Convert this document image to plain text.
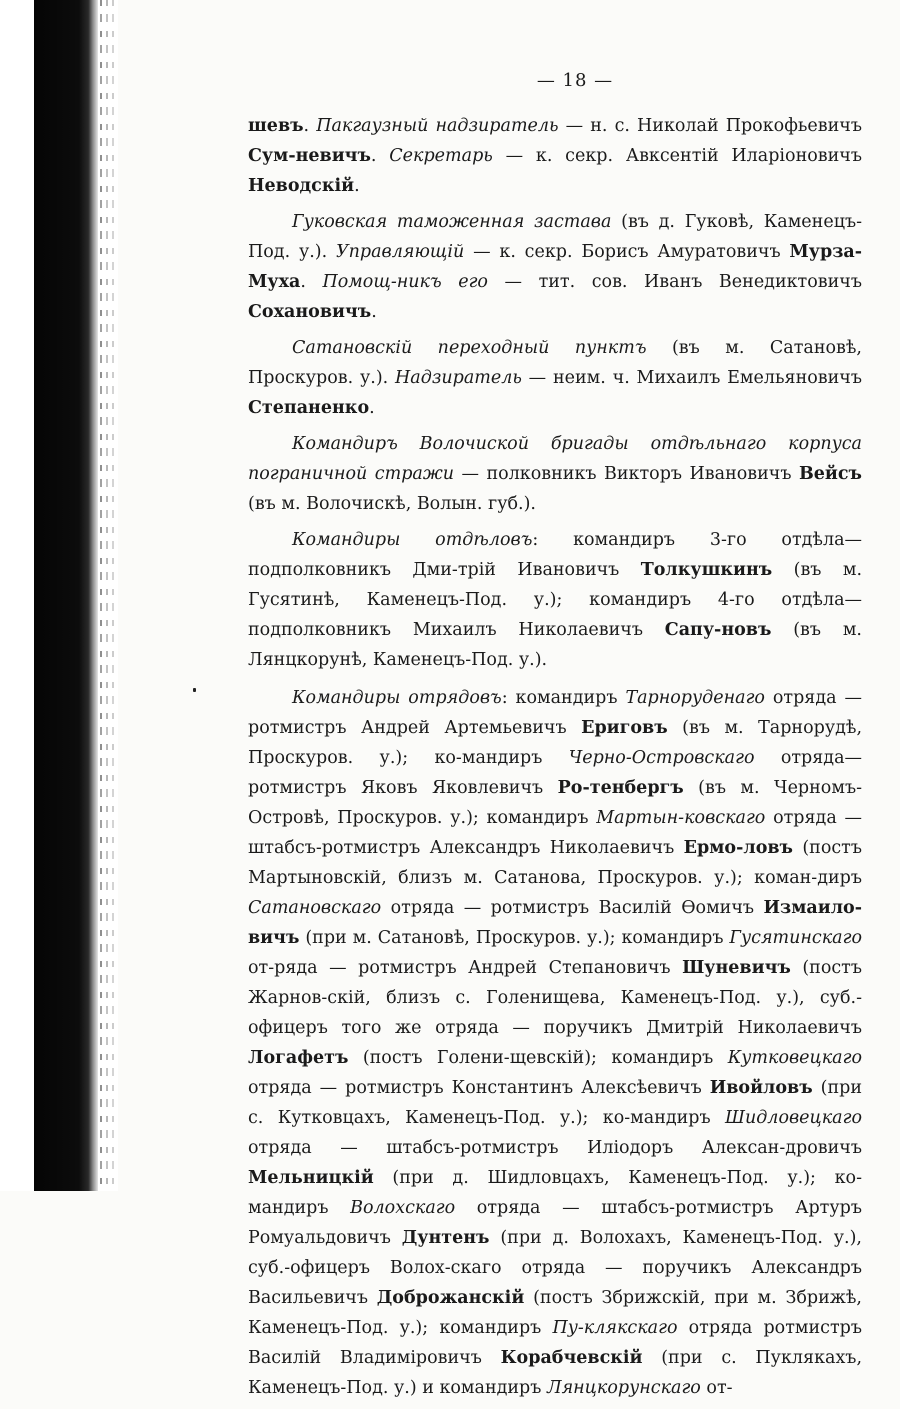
— 18 —

шевъ. Пакгаузный надзиратель — н. с. Николай Прокофьевичъ Сум-невичъ. Секретарь — к. секр. Авксентій Иларіоновичъ Неводскій.

Гуковская таможенная застава (въ д. Гуковѣ, Каменецъ-Под. у.). Управляющій — к. секр. Борисъ Амуратовичъ Мурза-Муха. Помощ-никъ его — тит. сов. Иванъ Венедиктовичъ Сохановичъ.

Сатановскій переходный пунктъ (въ м. Сатановѣ, Проскуров. у.). Надзиратель — неим. ч. Михаилъ Емельяновичъ Степаненко.

Командиръ Волочиской бригады отдѣльнаго корпуса пограничной стражи — полковникъ Викторъ Ивановичъ Вейсъ (въ м. Волочискѣ, Волын. губ.).

Командиры отдѣловъ: командиръ 3-го отдѣла—подполковникъ Дми-трій Ивановичъ Толкушкинъ (въ м. Гусятинѣ, Каменецъ-Под. у.); командиръ 4-го отдѣла—подполковникъ Михаилъ Николаевичъ Сапу-новъ (въ м. Лянцкорунѣ, Каменецъ-Под. у.).

Командиры отрядовъ: командиръ Тарноруденаго отряда — ротмистръ Андрей Артемьевичъ Ериговъ (въ м. Тарнорудѣ, Проскуров. у.); ко-мандиръ Черно-Островскаго отряда—ротмистръ Яковъ Яковлевичъ Ро-тенбергъ (въ м. Черномъ-Островѣ, Проскуров. у.); командиръ Мартын-ковскаго отряда — штабсъ-ротмистръ Александръ Николаевичъ Ермо-ловъ (постъ Мартыновскій, близъ м. Сатанова, Проскуров. у.); коман-диръ Сатановскаго отряда — ротмистръ Василій Ѳомичъ Измаило-вичъ (при м. Сатановѣ, Проскуров. у.); командиръ Гусятинскаго от-ряда — ротмистръ Андрей Степановичъ Шуневичъ (постъ Жарнов-скій, близъ с. Голенищева, Каменецъ-Под. у.), суб.-офицеръ того же отряда — поручикъ Дмитрій Николаевичъ Логафетъ (постъ Голени-щевскій); командиръ Кутковецкаго отряда — ротмистръ Константинъ Алексѣевичъ Ивойловъ (при с. Кутковцахъ, Каменецъ-Под. у.); ко-мандиръ Шидловецкаго отряда — штабсъ-ротмистръ Иліодоръ Алексан-дровичъ Мельницкій (при д. Шидловцахъ, Каменецъ-Под. у.); ко-мандиръ Волохскаго отряда — штабсъ-ротмистръ Артуръ Ромуальдовичъ Дунтенъ (при д. Волохахъ, Каменецъ-Под. у.), суб.-офицеръ Волох-скаго отряда — поручикъ Александръ Васильевичъ Доброжанскій (постъ Збрижскій, при м. Збрижѣ, Каменецъ-Под. у.); командиръ Пу-клякскаго отряда ротмистръ Василій Владиміровичъ Корабчевскій (при с. Пуклякахъ, Каменецъ-Под. у.) и командиръ Лянцкорунскаго от-
